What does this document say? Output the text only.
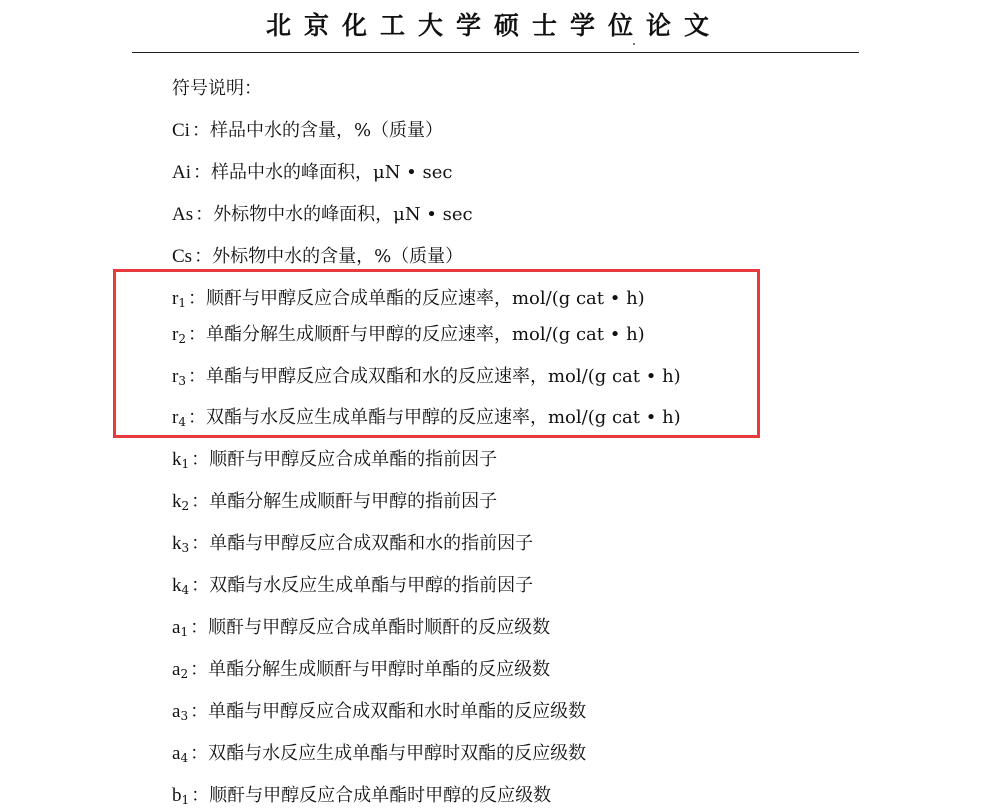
北京化工大学硕士学位论文
符号说明：
Ci ：样品中水的含量，%（质量）
Ai ：样品中水的峰面积，μN • sec
As ：外标物中水的峰面积，μN • sec
Cs ：外标物中水的含量，%（质量）
$r_1$ ：顺酐与甲醇反应合成单酯的反应速率，mol/(g cat • h)
$r_2$ ：单酯分解生成顺酐与甲醇的反应速率，mol/(g cat • h)
$r_3$ ：单酯与甲醇反应合成双酯和水的反应速率，mol/(g cat • h)
$r_4$ ：双酯与水反应生成单酯与甲醇的反应速率，mol/(g cat • h)
$k_1$ ：顺酐与甲醇反应合成单酯的指前因子
$k_2$ ：单酯分解生成顺酐与甲醇的指前因子
$k_3$ ：单酯与甲醇反应合成双酯和水的指前因子
$k_4$ ：双酯与水反应生成单酯与甲醇的指前因子
$a_1$ ：顺酐与甲醇反应合成单酯时顺酐的反应级数
$a_2$ ：单酯分解生成顺酐与甲醇时单酯的反应级数
$a_3$ ：单酯与甲醇反应合成双酯和水时单酯的反应级数
$a_4$ ：双酯与水反应生成单酯与甲醇时双酯的反应级数
$b_1$ ：顺酐与甲醇反应合成单酯时甲醇的反应级数
